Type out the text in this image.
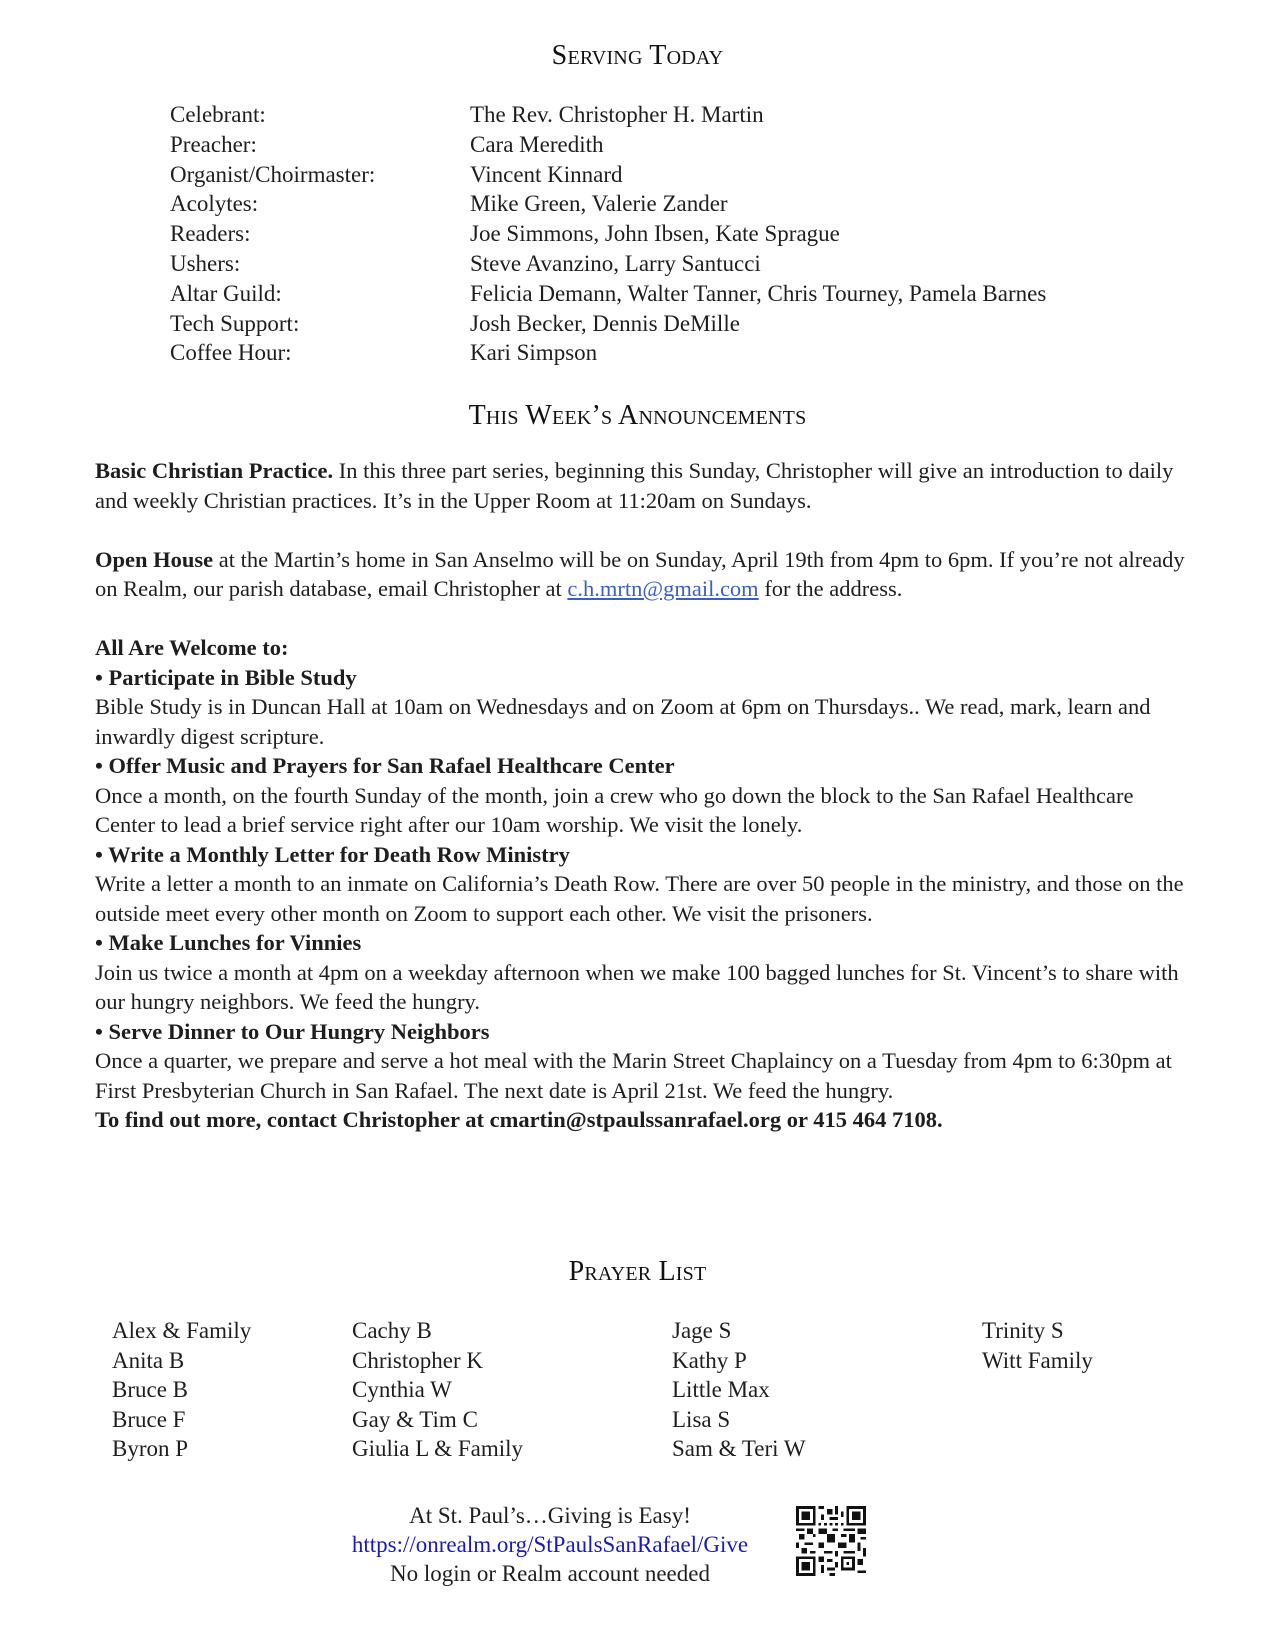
Serving Today
Celebrant:	The Rev. Christopher H. Martin
Preacher:	Cara Meredith
Organist/Choirmaster:	Vincent Kinnard
Acolytes:	Mike Green, Valerie Zander
Readers:	Joe Simmons, John Ibsen, Kate Sprague
Ushers:	Steve Avanzino, Larry Santucci
Altar Guild:	Felicia Demann, Walter Tanner, Chris Tourney, Pamela Barnes
Tech Support:	Josh Becker, Dennis DeMille
Coffee Hour:	Kari Simpson
This Week’s Announcements

Basic Christian Practice. In this three part series, beginning this Sunday, Christopher will give an introduction to daily and weekly Christian practices. It’s in the Upper Room at 11:20am on Sundays.

Open House at the Martin’s home in San Anselmo will be on Sunday, April 19th from 4pm to 6pm. If you’re not already on Realm, our parish database, email Christopher at c.h.mrtn@gmail.com for the address.

All Are Welcome to:

• Participate in Bible Study

Bible Study is in Duncan Hall at 10am on Wednesdays and on Zoom at 6pm on Thursdays.. We read, mark, learn and inwardly digest scripture.

• Offer Music and Prayers for San Rafael Healthcare Center

Once a month, on the fourth Sunday of the month, join a crew who go down the block to the San Rafael Healthcare Center to lead a brief service right after our 10am worship. We visit the lonely.

• Write a Monthly Letter for Death Row Ministry

Write a letter a month to an inmate on California’s Death Row. There are over 50 people in the ministry, and those on the outside meet every other month on Zoom to support each other. We visit the prisoners.

• Make Lunches for Vinnies

Join us twice a month at 4pm on a weekday afternoon when we make 100 bagged lunches for St. Vincent’s to share with our hungry neighbors. We feed the hungry.

• Serve Dinner to Our Hungry Neighbors

Once a quarter, we prepare and serve a hot meal with the Marin Street Chaplaincy on a Tuesday from 4pm to 6:30pm at First Presbyterian Church in San Rafael. The next date is April 21st. We feed the hungry.

To find out more, contact Christopher at cmartin@stpaulssanrafael.org or 415 464 7108.

Prayer List
Alex & Family
Anita B
Bruce B
Bruce F
Byron P
Cachy B
Christopher K
Cynthia W
Gay & Tim C
Giulia L & Family
Jage S
Kathy P
Little Max
Lisa S
Sam & Teri W
Trinity S
Witt Family
At St. Paul’s…Giving is Easy!
https://onrealm.org/StPaulsSanRafael/Give
No login or Realm account needed
